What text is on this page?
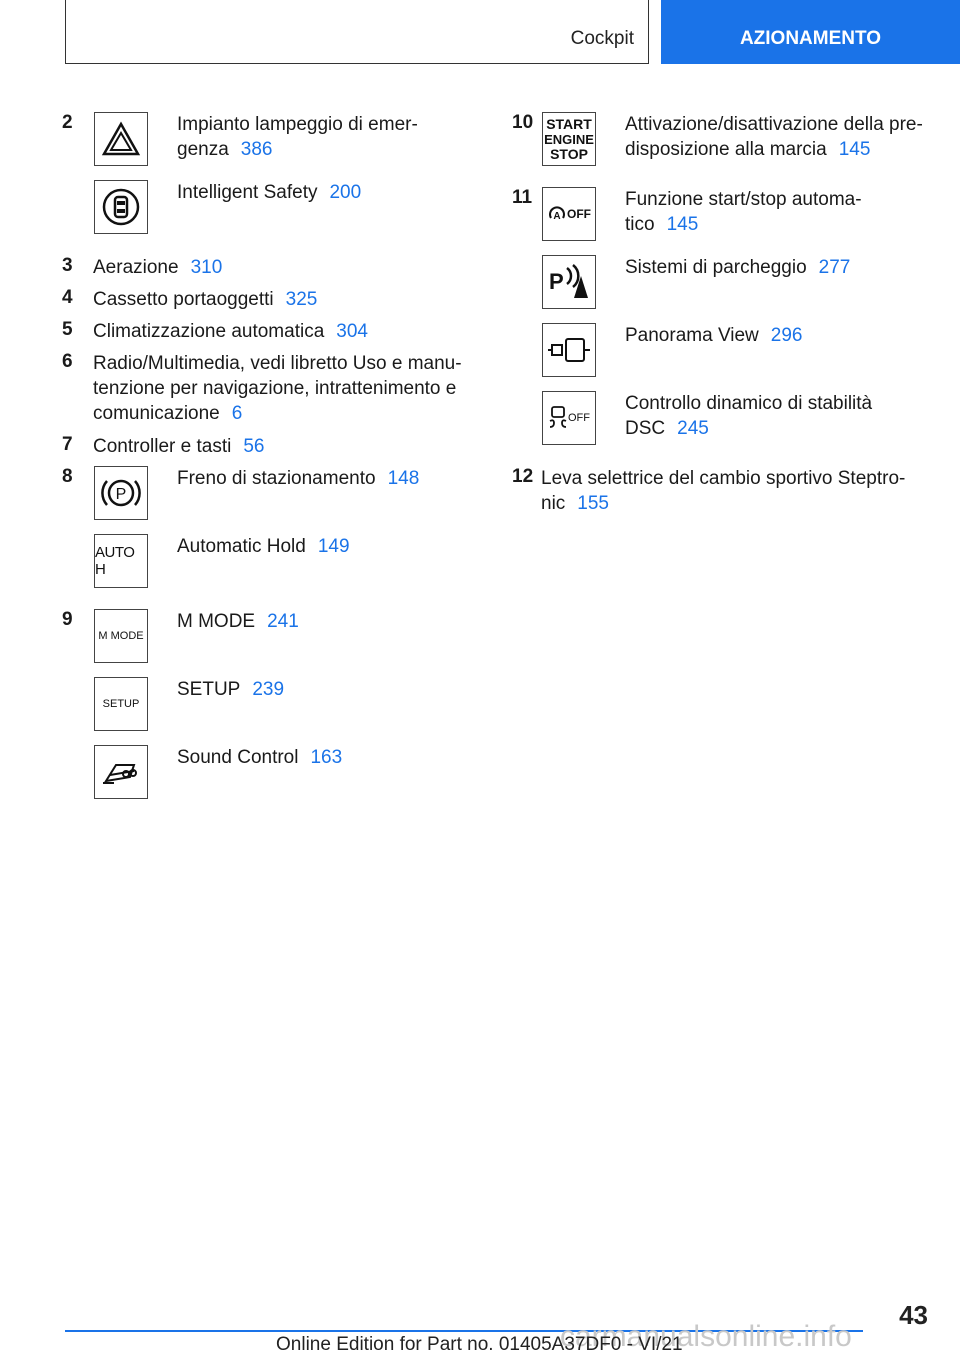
Cockpit	AZIONAMENTO
2	Impianto lampeggio di emer-
genza 386
Intelligent Safety 200
3 Aerazione 310
4 Cassetto portaoggetti 325
5 Climatizzazione automatica 304
6 Radio/Multimedia, vedi libretto Uso e manu-
tenzione per navigazione, intrattenimento e
comunicazione 6
7 Controller e tasti 56
8
P
Freno di stazionamento 148
AUTO H
Automatic Hold 149
9
M MODE
M MODE 241
SETUP
SETUP 239
Sound Control 163
10 START
ENGINE
STOP
Attivazione/disattivazione della pre-
disposizione alla marcia 145
11
A OFF
Funzione start/stop automa-
tico 145
P
Sistemi di parcheggio 277
Panorama View 296
OFF
Controllo dinamico di stabilità
DSC 245
12 Leva selettrice del cambio sportivo Steptro-
nic 155
43
carmanualsonline.info
Online Edition for Part no. 01405A37DF0 - VI/21
